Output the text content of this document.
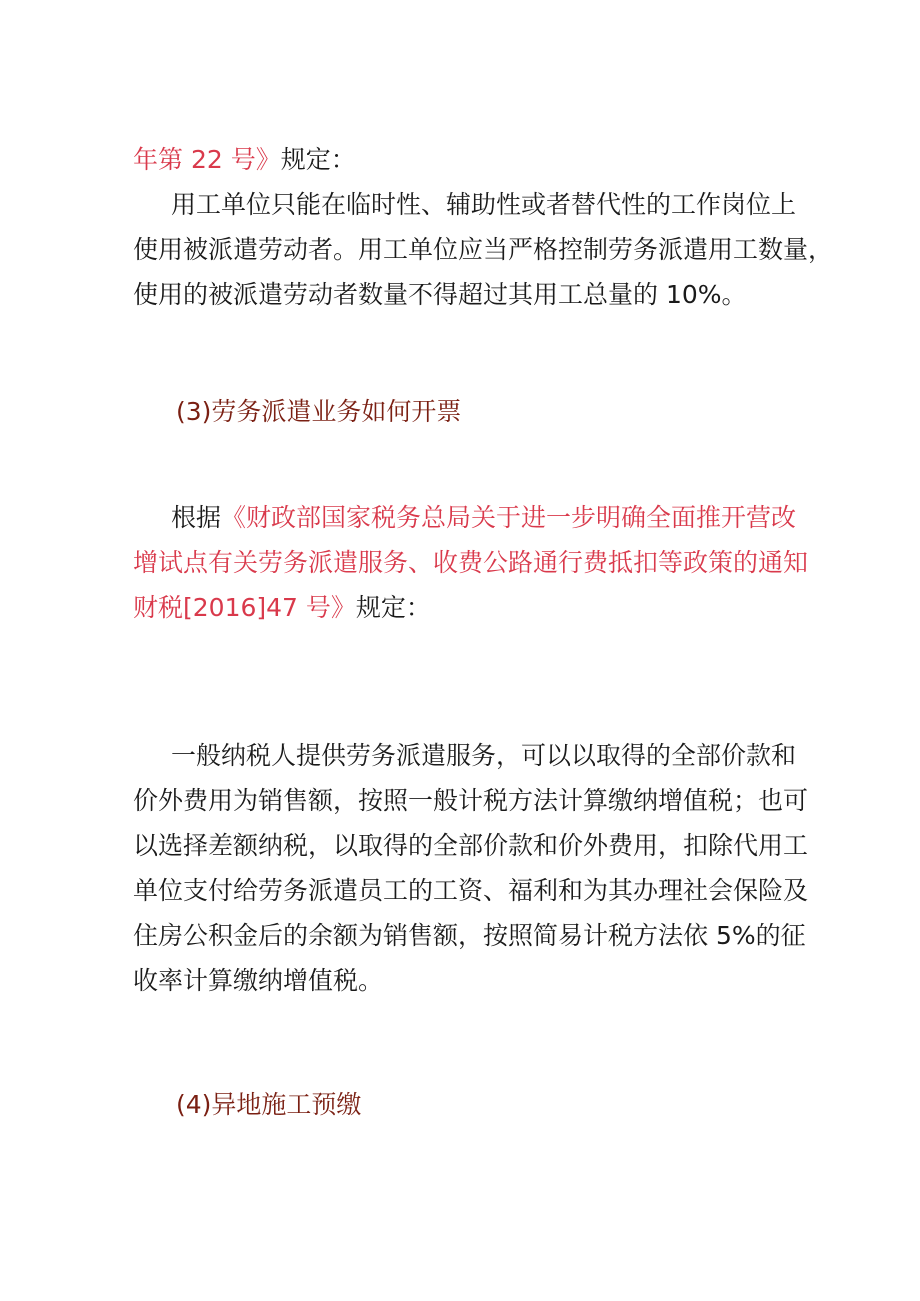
年第 22 号》规定：
用工单位只能在临时性、辅助性或者替代性的工作岗位上
使用被派遣劳动者。用工单位应当严格控制劳务派遣用工数量，
使用的被派遣劳动者数量不得超过其用工总量的 10%。

(3)劳务派遣业务如何开票

根据《财政部国家税务总局关于进一步明确全面推开营改
增试点有关劳务派遣服务、收费公路通行费抵扣等政策的通知
财税[2016]47 号》规定：
一般纳税人提供劳务派遣服务，可以以取得的全部价款和
价外费用为销售额，按照一般计税方法计算缴纳增值税；也可
以选择差额纳税，以取得的全部价款和价外费用，扣除代用工
单位支付给劳务派遣员工的工资、福利和为其办理社会保险及
住房公积金后的余额为销售额，按照简易计税方法依 5%的征
收率计算缴纳增值税。

(4)异地施工预缴
